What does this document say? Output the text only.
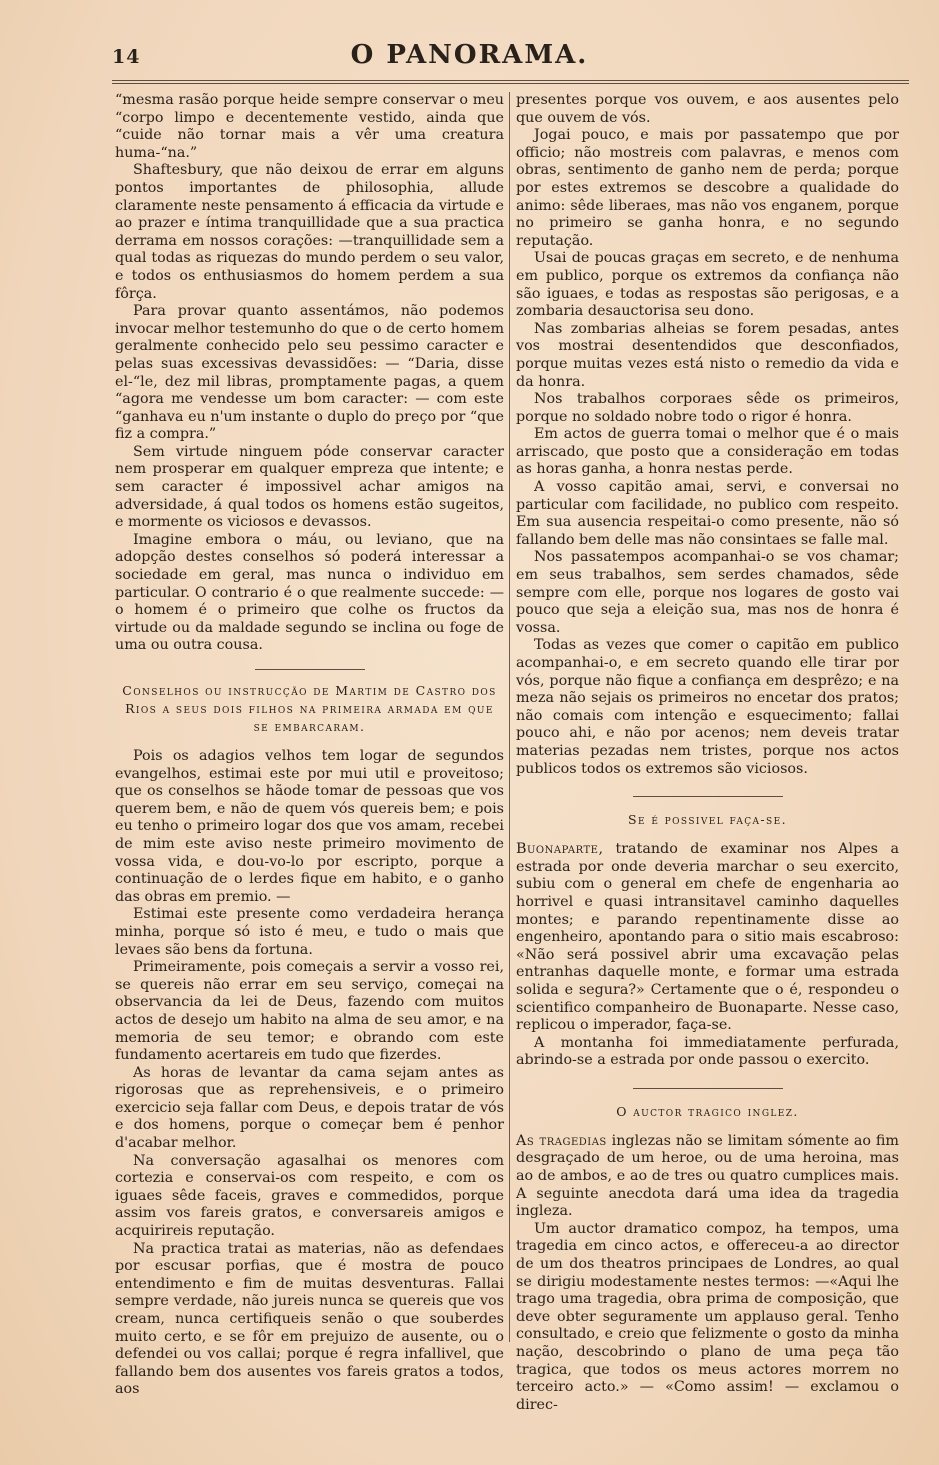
14	O PANORAMA.

“mesma rasão porque heide sempre conservar o meu “corpo limpo e decentemente vestido, ainda que “cuide não tornar mais a vêr uma creatura huma-“na.”

Shaftesbury, que não deixou de errar em alguns pontos importantes de philosophia, allude claramente neste pensamento á efficacia da virtude e ao prazer e íntima tranquillidade que a sua practica derrama em nossos corações: —tranquillidade sem a qual todas as riquezas do mundo perdem o seu valor, e todos os enthusiasmos do homem perdem a sua fôrça.

Para provar quanto assentámos, não podemos invocar melhor testemunho do que o de certo homem geralmente conhecido pelo seu pessimo caracter e pelas suas excessivas devassidões: — “Daria, disse el-“le, dez mil libras, promptamente pagas, a quem “agora me vendesse um bom caracter: — com este “ganhava eu n'um instante o duplo do preço por “que fiz a compra.”

Sem virtude ninguem póde conservar caracter nem prosperar em qualquer empreza que intente; e sem caracter é impossivel achar amigos na adversidade, á qual todos os homens estão sugeitos, e mormente os viciosos e devassos.

Imagine embora o máu, ou leviano, que na adopção destes conselhos só poderá interessar a sociedade em geral, mas nunca o individuo em particular. O contrario é o que realmente succede: —o homem é o primeiro que colhe os fructos da virtude ou da maldade segundo se inclina ou foge de uma ou outra cousa.

Conselhos ou instrucção de Martim de Castro dos Rios a seus dois filhos na primeira armada em que se embarcaram.

Pois os adagios velhos tem logar de segundos evangelhos, estimai este por mui util e proveitoso; que os conselhos se hãode tomar de pessoas que vos querem bem, e não de quem vós quereis bem; e pois eu tenho o primeiro logar dos que vos amam, recebei de mim este aviso neste primeiro movimento de vossa vida, e dou-vo-lo por escripto, porque a continuação de o lerdes fique em habito, e o ganho das obras em premio. —

Estimai este presente como verdadeira herança minha, porque só isto é meu, e tudo o mais que levaes são bens da fortuna.

Primeiramente, pois começais a servir a vosso rei, se quereis não errar em seu serviço, começai na observancia da lei de Deus, fazendo com muitos actos de desejo um habito na alma de seu amor, e na memoria de seu temor; e obrando com este fundamento acertareis em tudo que fizerdes.

As horas de levantar da cama sejam antes as rigorosas que as reprehensiveis, e o primeiro exercicio seja fallar com Deus, e depois tratar de vós e dos homens, porque o começar bem é penhor d'acabar melhor.

Na conversação agasalhai os menores com cortezia e conservai-os com respeito, e com os iguaes sêde faceis, graves e commedidos, porque assim vos fareis gratos, e conversareis amigos e acquirireis reputação.

Na practica tratai as materias, não as defendaes por escusar porfias, que é mostra de pouco entendimento e fim de muitas desventuras. Fallai sempre verdade, não jureis nunca se quereis que vos cream, nunca certifiqueis senão o que souberdes muito certo, e se fôr em prejuizo de ausente, ou o defendei ou vos callai; porque é regra infallivel, que fallando bem dos ausentes vos fareis gratos a todos, aos

presentes porque vos ouvem, e aos ausentes pelo que ouvem de vós.

Jogai pouco, e mais por passatempo que por officio; não mostreis com palavras, e menos com obras, sentimento de ganho nem de perda; porque por estes extremos se descobre a qualidade do animo: sêde liberaes, mas não vos enganem, porque no primeiro se ganha honra, e no segundo reputação.

Usai de poucas graças em secreto, e de nenhuma em publico, porque os extremos da confiança não são iguaes, e todas as respostas são perigosas, e a zombaria desauctorisa seu dono.

Nas zombarias alheias se forem pesadas, antes vos mostrai desentendidos que desconfiados, porque muitas vezes está nisto o remedio da vida e da honra.

Nos trabalhos corporaes sêde os primeiros, porque no soldado nobre todo o rigor é honra.

Em actos de guerra tomai o melhor que é o mais arriscado, que posto que a consideração em todas as horas ganha, a honra nestas perde.

A vosso capitão amai, servi, e conversai no particular com facilidade, no publico com respeito. Em sua ausencia respeitai-o como presente, não só fallando bem delle mas não consintaes se falle mal.

Nos passatempos acompanhai-o se vos chamar; em seus trabalhos, sem serdes chamados, sêde sempre com elle, porque nos logares de gosto vai pouco que seja a eleição sua, mas nos de honra é vossa.

Todas as vezes que comer o capitão em publico acompanhai-o, e em secreto quando elle tirar por vós, porque não fique a confiança em desprêzo; e na meza não sejais os primeiros no encetar dos pratos; não comais com intenção e esquecimento; fallai pouco ahi, e não por acenos; nem deveis tratar materias pezadas nem tristes, porque nos actos publicos todos os extremos são viciosos.

Se é possivel faça-se.

Buonaparte, tratando de examinar nos Alpes a estrada por onde deveria marchar o seu exercito, subiu com o general em chefe de engenharia ao horrivel e quasi intransitavel caminho daquelles montes; e parando repentinamente disse ao engenheiro, apontando para o sitio mais escabroso: «Não será possivel abrir uma excavação pelas entranhas daquelle monte, e formar uma estrada solida e segura?» Certamente que o é, respondeu o scientifico companheiro de Buonaparte. Nesse caso, replicou o imperador, faça-se.

A montanha foi immediatamente perfurada, abrindo-se a estrada por onde passou o exercito.

O auctor tragico inglez.

As tragedias inglezas não se limitam sómente ao fim desgraçado de um heroe, ou de uma heroina, mas ao de ambos, e ao de tres ou quatro cumplices mais. A seguinte anecdota dará uma idea da tragedia ingleza.

Um auctor dramatico compoz, ha tempos, uma tragedia em cinco actos, e offereceu-a ao director de um dos theatros principaes de Londres, ao qual se dirigiu modestamente nestes termos: —«Aqui lhe trago uma tragedia, obra prima de composição, que deve obter seguramente um applauso geral. Tenho consultado, e creio que felizmente o gosto da minha nação, descobrindo o plano de uma peça tão tragica, que todos os meus actores morrem no terceiro acto.» — «Como assim! — exclamou o direc-
